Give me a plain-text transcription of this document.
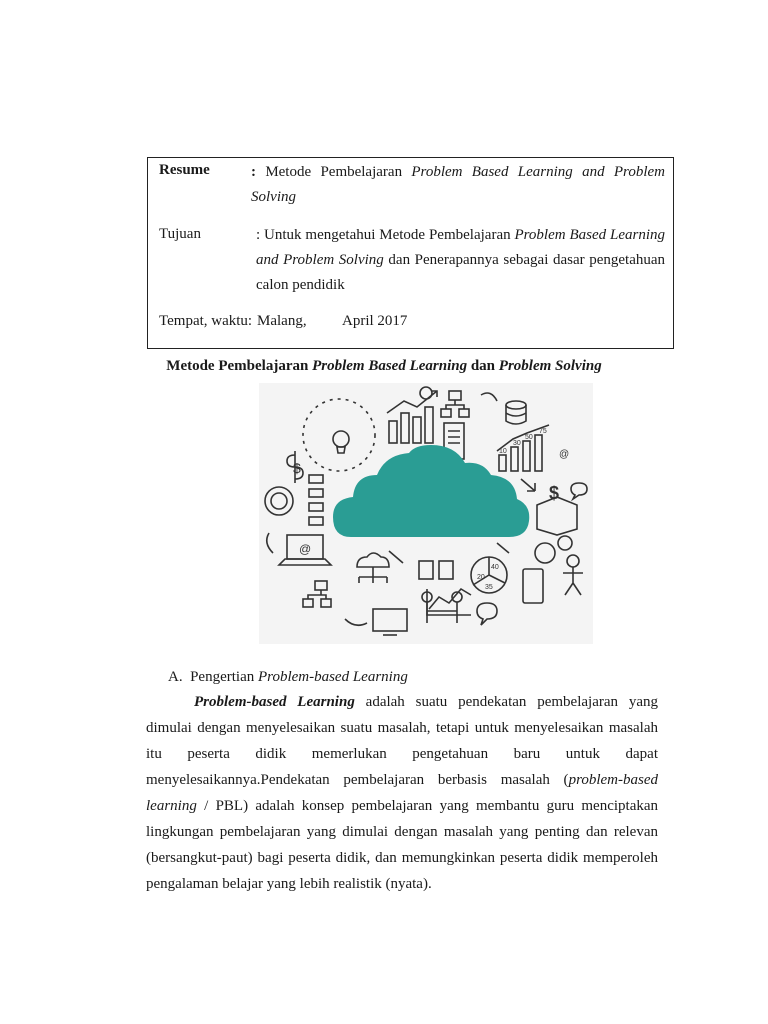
Resume	: Metode Pembelajaran Problem Based Learning and Problem Solving
Tujuan	: Untuk mengetahui Metode Pembelajaran Problem Based Learning and Problem Solving dan Penerapannya sebagai dasar pengetahuan calon pendidik
Tempat, waktu: Malang, April 2017
Metode Pembelajaran Problem Based Learning dan Problem Solving
@
$
$
@
75
50
30
10
40
20
35
A. Pengertian Problem-based Learning

Problem-based Learning adalah suatu pendekatan pembelajaran yang dimulai dengan menyelesaikan suatu masalah, tetapi untuk menyelesaikan masalah itu peserta didik memerlukan pengetahuan baru untuk dapat menyelesaikannya.Pendekatan pembelajaran berbasis masalah (problem-based learning / PBL) adalah konsep pembelajaran yang membantu guru menciptakan lingkungan pembelajaran yang dimulai dengan masalah yang penting dan relevan (bersangkut-paut) bagi peserta didik, dan memungkinkan peserta didik memperoleh pengalaman belajar yang lebih realistik (nyata).
